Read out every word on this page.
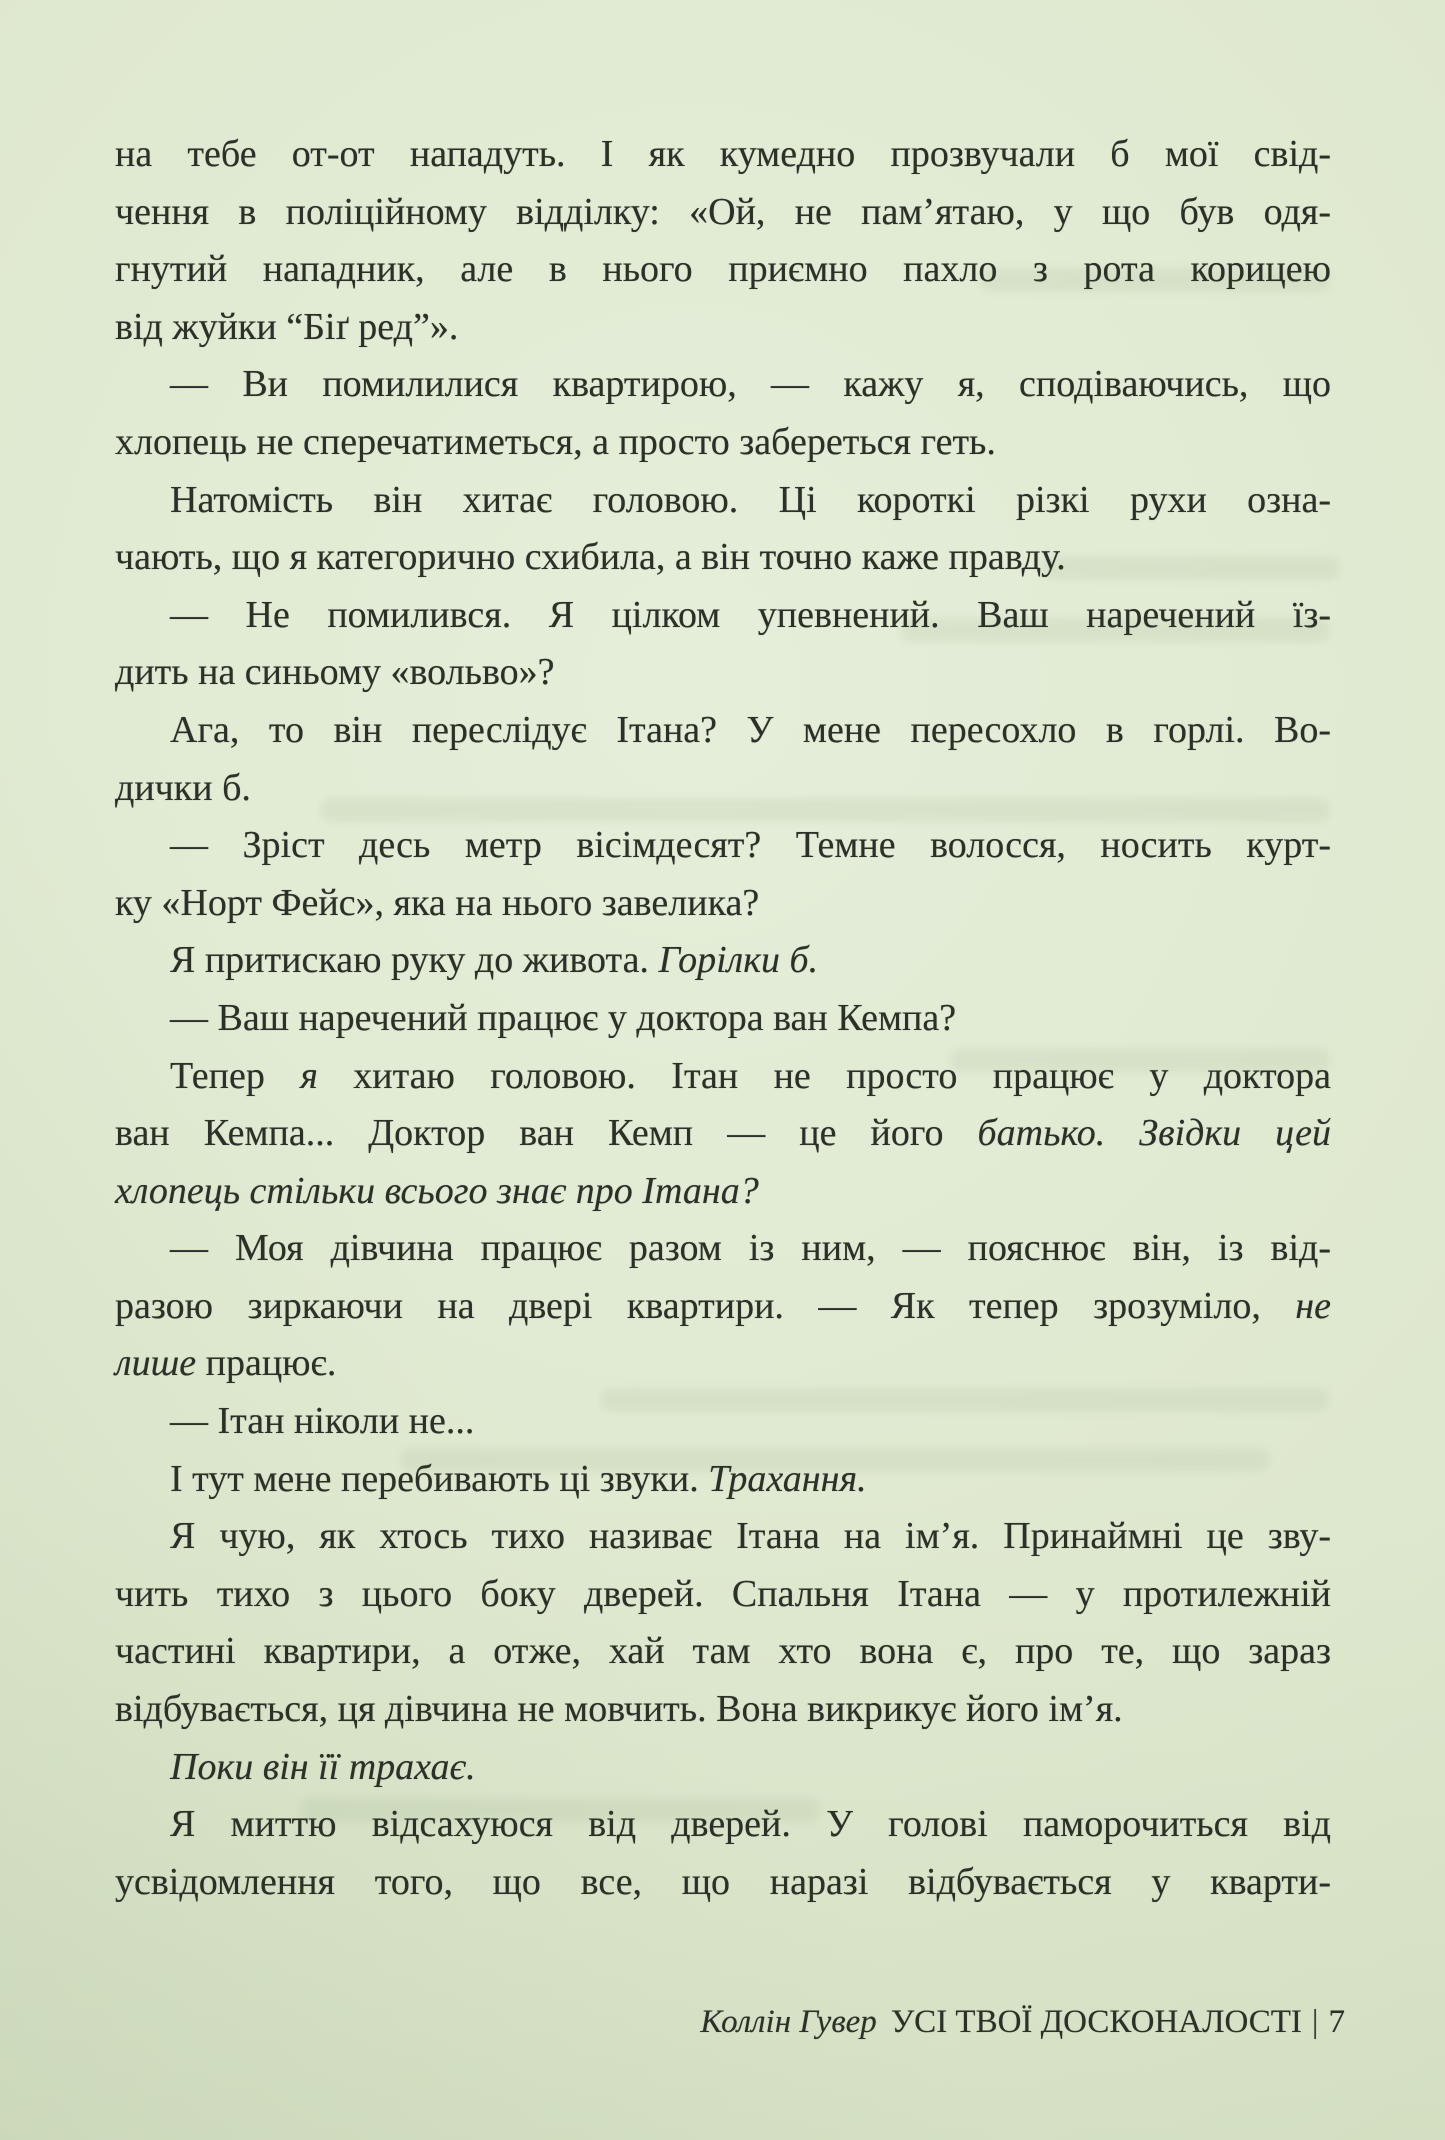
на тебе от-от нападуть. І як кумедно прозвучали б мої свід-
чення в поліційному відділку: «Ой, не пам’ятаю, у що був одя-
гнутий нападник, але в нього приємно пахло з рота корицею
від жуйки “Біґ ред”».
— Ви помилилися квартирою, — кажу я, сподіваючись, що
хлопець не сперечатиметься, а просто забереться геть.
Натомість він хитає головою. Ці короткі різкі рухи озна-
чають, що я категорично схибила, а він точно каже правду.
— Не помилився. Я цілком упевнений. Ваш наречений їз-
дить на синьому «вольво»?
Ага, то він переслідує Ітана? У мене пересохло в горлі. Во-
дички б.
— Зріст десь метр вісімдесят? Темне волосся, носить курт-
ку «Норт Фейс», яка на нього завелика?
Я притискаю руку до живота. Горілки б.
— Ваш наречений працює у доктора ван Кемпа?
Тепер я хитаю головою. Ітан не просто працює у доктора
ван Кемпа... Доктор ван Кемп — це його батько. Звідки цей
хлопець стільки всього знає про Ітана?
— Моя дівчина працює разом із ним, — пояснює він, із від-
разою зиркаючи на двері квартири. — Як тепер зрозуміло, не
лише працює.
— Ітан ніколи не...
І тут мене перебивають ці звуки. Трахання.
Я чую, як хтось тихо називає Ітана на ім’я. Принаймні це зву-
чить тихо з цього боку дверей. Спальня Ітана — у протилежній
частині квартири, а отже, хай там хто вона є, про те, що зараз
відбувається, ця дівчина не мовчить. Вона викрикує його ім’я.
Поки він її трахає.
Я миттю відсахуюся від дверей. У голові паморочиться від
усвідомлення того, що все, що наразі відбувається у кварти-
Коллін Гувер УСІ ТВОЇ ДОСКОНАЛОСТІ | 7
